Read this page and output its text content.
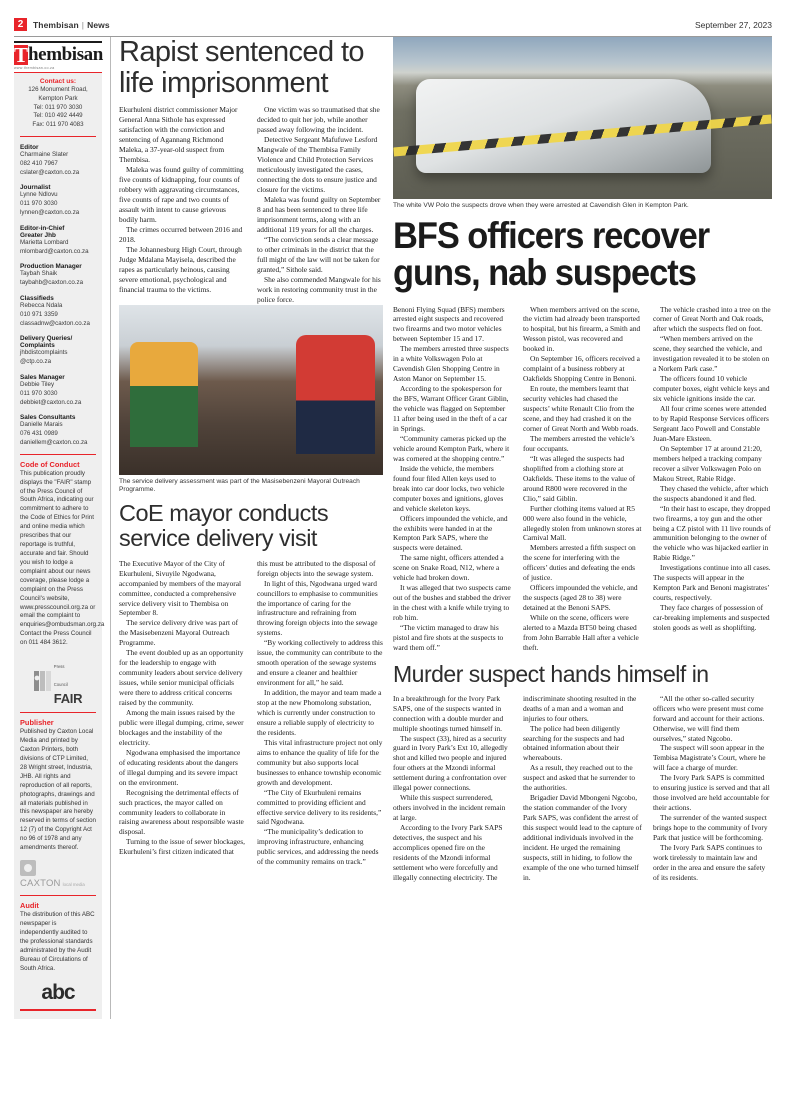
2	Thembisan | News	September 27, 2023
T hembisan
www.thembisan.co.za
Contact us:
126 Monument Road,
Kempton Park
Tel: 011 970 3030
Tel: 010 492 4449
Fax: 011 970 4083
Editor
Charmaine Slater
082 410 7967
cslater@caxton.co.za
Journalist
Lynne Ndlovu
011 970 3030
lynnen@caxton.co.za
Editor-in-Chief
Greater Jhb
Marietta Lombard
mlombard@caxton.co.za
Production Manager
Taybah Shaik
taybahb@caxton.co.za
Classifieds
Rebecca Ndala
010 971 3359
classadnw@caxton.co.za
Delivery Queries/
Complaints
jhbdistcomplaints
@ctp.co.za
Sales Manager
Debbie Tiley
011 970 3030
debbiet@caxton.co.za
Sales Consultants
Danielle Marais
076 431 0989
daniellem@caxton.co.za
Code of Conduct
This publication proudly displays the "FAIR" stamp of the Press Council of South Africa, indicating our commitment to adhere to the Code of Ethics for Print and online media which prescribes that our reportage is truthful, accurate and fair. Should you wish to lodge a complaint about our news coverage, please lodge a complaint on the Press Council's website, www.presscouncil.org.za or email the complaint to enquiries@ombudsman.org.za Contact the Press Council on 011 484 3612.
Press
Council
FAIR
Publisher
Published by Caxton Local Media and printed by Caxton Printers, both divisions of CTP Limited, 28 Wright street, Industria, JHB. All rights and reproduction of all reports, photographs, drawings and all materials published in this newspaper are hereby reserved in terms of section 12 (7) of the Copyright Act no 96 of 1978 and any amendments thereof.
CAXTON local media
Audit
The distribution of this ABC newspaper is independently audited to the professional standards administrated by the Audit Bureau of Circulations of South Africa.
abc
Rapist sentenced to
life imprisonment

Ekurhuleni district commissioner Major General Anna Sithole has expressed satisfaction with the conviction and sentencing of Agannang Richmond Maleka, a 37-year-old suspect from Thembisa.

Maleka was found guilty of committing five counts of kidnapping, four counts of robbery with aggravating circumstances, five counts of rape and two counts of assault with intent to cause grievous bodily harm.

The crimes occurred between 2016 and 2018.

The Johannesburg High Court, through Judge Mdalana Mayisela, described the rapes as particularly heinous, causing severe emotional, psychological and financial trauma to the victims.

One victim was so traumatised that she decided to quit her job, while another passed away following the incident.

Detective Sergeant Mafufuwe Lesford Mangwale of the Thembisa Family Violence and Child Protection Services meticulously investigated the cases, connecting the dots to ensure justice and closure for the victims.

Maleka was found guilty on September 8 and has been sentenced to three life imprisonment terms, along with an additional 119 years for all the charges.

“The conviction sends a clear message to other criminals in the district that the full might of the law will not be taken for granted,” Sithole said.

She also commended Mangwale for his work in restoring community trust in the police force.

The white VW Polo the suspects drove when they were arrested at Cavendish Glen in Kempton Park.
BFS officers recover
guns, nab suspects
The service delivery assessment was part of the Masisebenzeni Mayoral Outreach Programme.
CoE mayor conducts
service delivery visit

The Executive Mayor of the City of Ekurhuleni, Sivuyile Ngodwana, accompanied by members of the mayoral committee, conducted a comprehensive service delivery visit to Thembisa on September 8.

The service delivery drive was part of the Masisebenzeni Mayoral Outreach Programme.

The event doubled up as an opportunity for the leadership to engage with community leaders about service delivery issues, while senior municipal officials were there to address critical concerns raised by the community.

Among the main issues raised by the public were illegal dumping, crime, sewer blockages and the instability of the electricity.

Ngodwana emphasised the importance of educating residents about the dangers of illegal dumping and its severe impact on the environment.

Recognising the detrimental effects of such practices, the mayor called on community leaders to collaborate in raising awareness about responsible waste disposal.

Turning to the issue of sewer blockages, Ekurhuleni’s first citizen indicated that this must be attributed to the disposal of foreign objects into the sewage system.

In light of this, Ngodwana urged ward councillors to emphasise to communities the importance of caring for the infrastructure and refraining from throwing foreign objects into the sewage systems.

“By working collectively to address this issue, the community can contribute to the smooth operation of the sewage systems and ensure a cleaner and healthier environment for all,” he said.

In addition, the mayor and team made a stop at the new Phomolong substation, which is currently under construction to ensure a reliable supply of electricity to the residents.

This vital infrastructure project not only aims to enhance the quality of life for the community but also supports local businesses to enhance township economic growth and development.

“The City of Ekurhuleni remains committed to providing efficient and effective service delivery to its residents,” said Ngodwana.

“The municipality’s dedication to improving infrastructure, enhancing public services, and addressing the needs of the community remains on track.”

Benoni Flying Squad (BFS) members arrested eight suspects and recovered two firearms and two motor vehicles between September 15 and 17.

The members arrested three suspects in a white Volkswagen Polo at Cavendish Glen Shopping Centre in Aston Manor on September 15.

According to the spokesperson for the BFS, Warrant Officer Grant Giblin, the vehicle was flagged on September 11 after being used in the theft of a car in Springs.

“Community cameras picked up the vehicle around Kempton Park, where it was cornered at the shopping centre.”

Inside the vehicle, the members found four filed Allen keys used to break into car door locks, two vehicle computer boxes and ignitions, gloves and vehicle skeleton keys.

Officers impounded the vehicle, and the exhibits were handed in at the Kempton Park SAPS, where the suspects were detained.

The same night, officers attended a scene on Snake Road, N12, where a vehicle had broken down.

It was alleged that two suspects came out of the bushes and stabbed the driver in the chest with a knife while trying to rob him.

“The victim managed to draw his pistol and fire shots at the suspects to ward them off.”

When members arrived on the scene, the victim had already been transported to hospital, but his firearm, a Smith and Wesson pistol, was recovered and booked in.

On September 16, officers received a complaint of a business robbery at Oakfields Shopping Centre in Benoni.

En route, the members learnt that security vehicles had chased the suspects’ white Renault Clio from the scene, and they had crashed it on the corner of Great North and Webb roads.

The members arrested the vehicle’s four occupants.

“It was alleged the suspects had shoplifted from a clothing store at Oakfields. These items to the value of around R800 were recovered in the Clio,” said Giblin.

Further clothing items valued at R5 000 were also found in the vehicle, allegedly stolen from unknown stores at Carnival Mall.

Members arrested a fifth suspect on the scene for interfering with the officers’ duties and defeating the ends of justice.

Officers impounded the vehicle, and the suspects (aged 28 to 38) were detained at the Benoni SAPS.

While on the scene, officers were alerted to a Mazda BT50 being chased from John Barrable Hall after a vehicle theft.

The vehicle crashed into a tree on the corner of Great North and Oak roads, after which the suspects fled on foot.

“When members arrived on the scene, they searched the vehicle, and investigation revealed it to be stolen on a Norkem Park case.”

The officers found 10 vehicle computer boxes, eight vehicle keys and six vehicle ignitions inside the car.

All four crime scenes were attended to by Rapid Response Services officers Sergeant Jaco Powell and Constable Juan-Mare Eksteen.

On September 17 at around 21:20, members helped a tracking company recover a silver Volkswagen Polo on Makou Street, Rabie Ridge.

They chased the vehicle, after which the suspects abandoned it and fled.

“In their hast to escape, they dropped two firearms, a toy gun and the other being a CZ pistol with 11 live rounds of ammunition belonging to the owner of the vehicle who was hijacked earlier in Rabie Ridge.”

Investigations continue into all cases. The suspects will appear in the Kempton Park and Benoni magistrates’ courts, respectively.

They face charges of possession of car-breaking implements and suspected stolen goods as well as shoplifting.

Murder suspect hands himself in

In a breakthrough for the Ivory Park SAPS, one of the suspects wanted in connection with a double murder and multiple shootings turned himself in.

The suspect (33), hired as a security guard in Ivory Park’s Ext 10, allegedly shot and killed two people and injured four others at the Mzondi informal settlement during a confrontation over illegal power connections.

While this suspect surrendered, others involved in the incident remain at large.

According to the Ivory Park SAPS detectives, the suspect and his accomplices opened fire on the residents of the Mzondi informal settlement who were forcefully and illegally connecting electricity. The indiscriminate shooting resulted in the deaths of a man and a woman and injuries to four others.

The police had been diligently searching for the suspects and had obtained information about their whereabouts.

As a result, they reached out to the suspect and asked that he surrender to the authorities.

Brigadier David Mbongeni Ngcobo, the station commander of the Ivory Park SAPS, was confident the arrest of this suspect would lead to the capture of additional individuals involved in the incident. He urged the remaining suspects, still in hiding, to follow the example of the one who turned himself in.

“All the other so-called security officers who were present must come forward and account for their actions. Otherwise, we will find them ourselves,” stated Ngcobo.

The suspect will soon appear in the Tembisa Magistrate’s Court, where he will face a charge of murder.

The Ivory Park SAPS is committed to ensuring justice is served and that all those involved are held accountable for their actions.

The surrender of the wanted suspect brings hope to the community of Ivory Park that justice will be forthcoming.

The Ivory Park SAPS continues to work tirelessly to maintain law and order in the area and ensure the safety of its residents.
